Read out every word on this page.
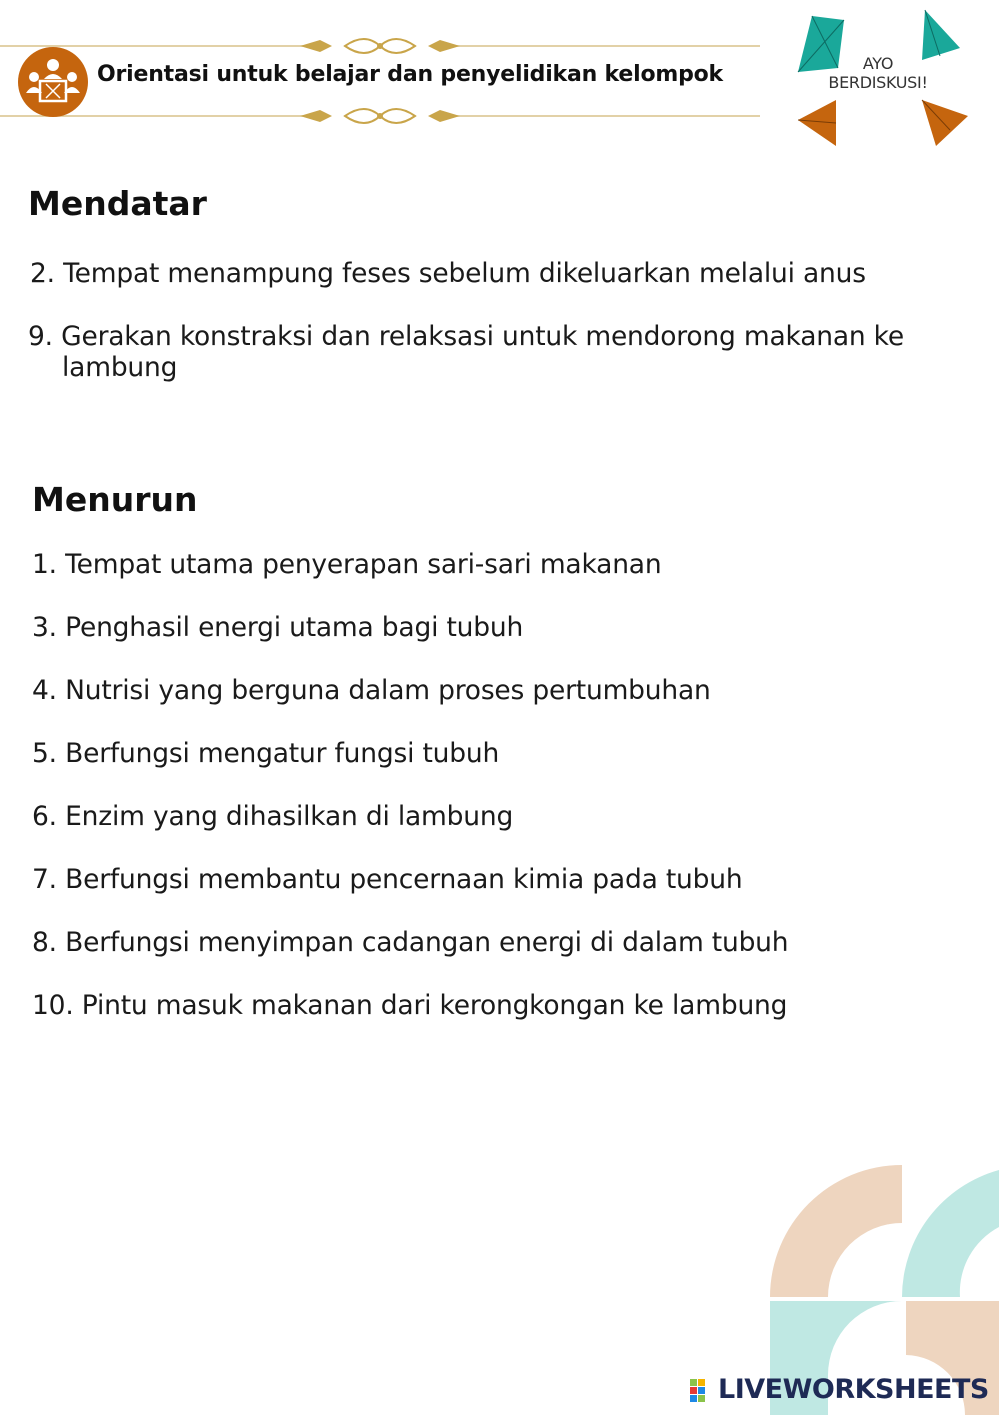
Orientasi untuk belajar dan penyelidikan kelompok	AYO
BERDISKUSI!
Mendatar
2. Tempat menampung feses sebelum dikeluarkan melalui anus
9. Gerakan konstraksi dan relaksasi untuk mendorong makanan ke lambung
Menurun
1. Tempat utama penyerapan sari-sari makanan
3. Penghasil energi utama bagi tubuh
4. Nutrisi yang berguna dalam proses pertumbuhan
5. Berfungsi mengatur fungsi tubuh
6. Enzim yang dihasilkan di lambung
7. Berfungsi membantu pencernaan kimia pada tubuh
8. Berfungsi menyimpan cadangan energi di dalam tubuh
10. Pintu masuk makanan dari kerongkongan ke lambung
LIVEWORKSHEETS
